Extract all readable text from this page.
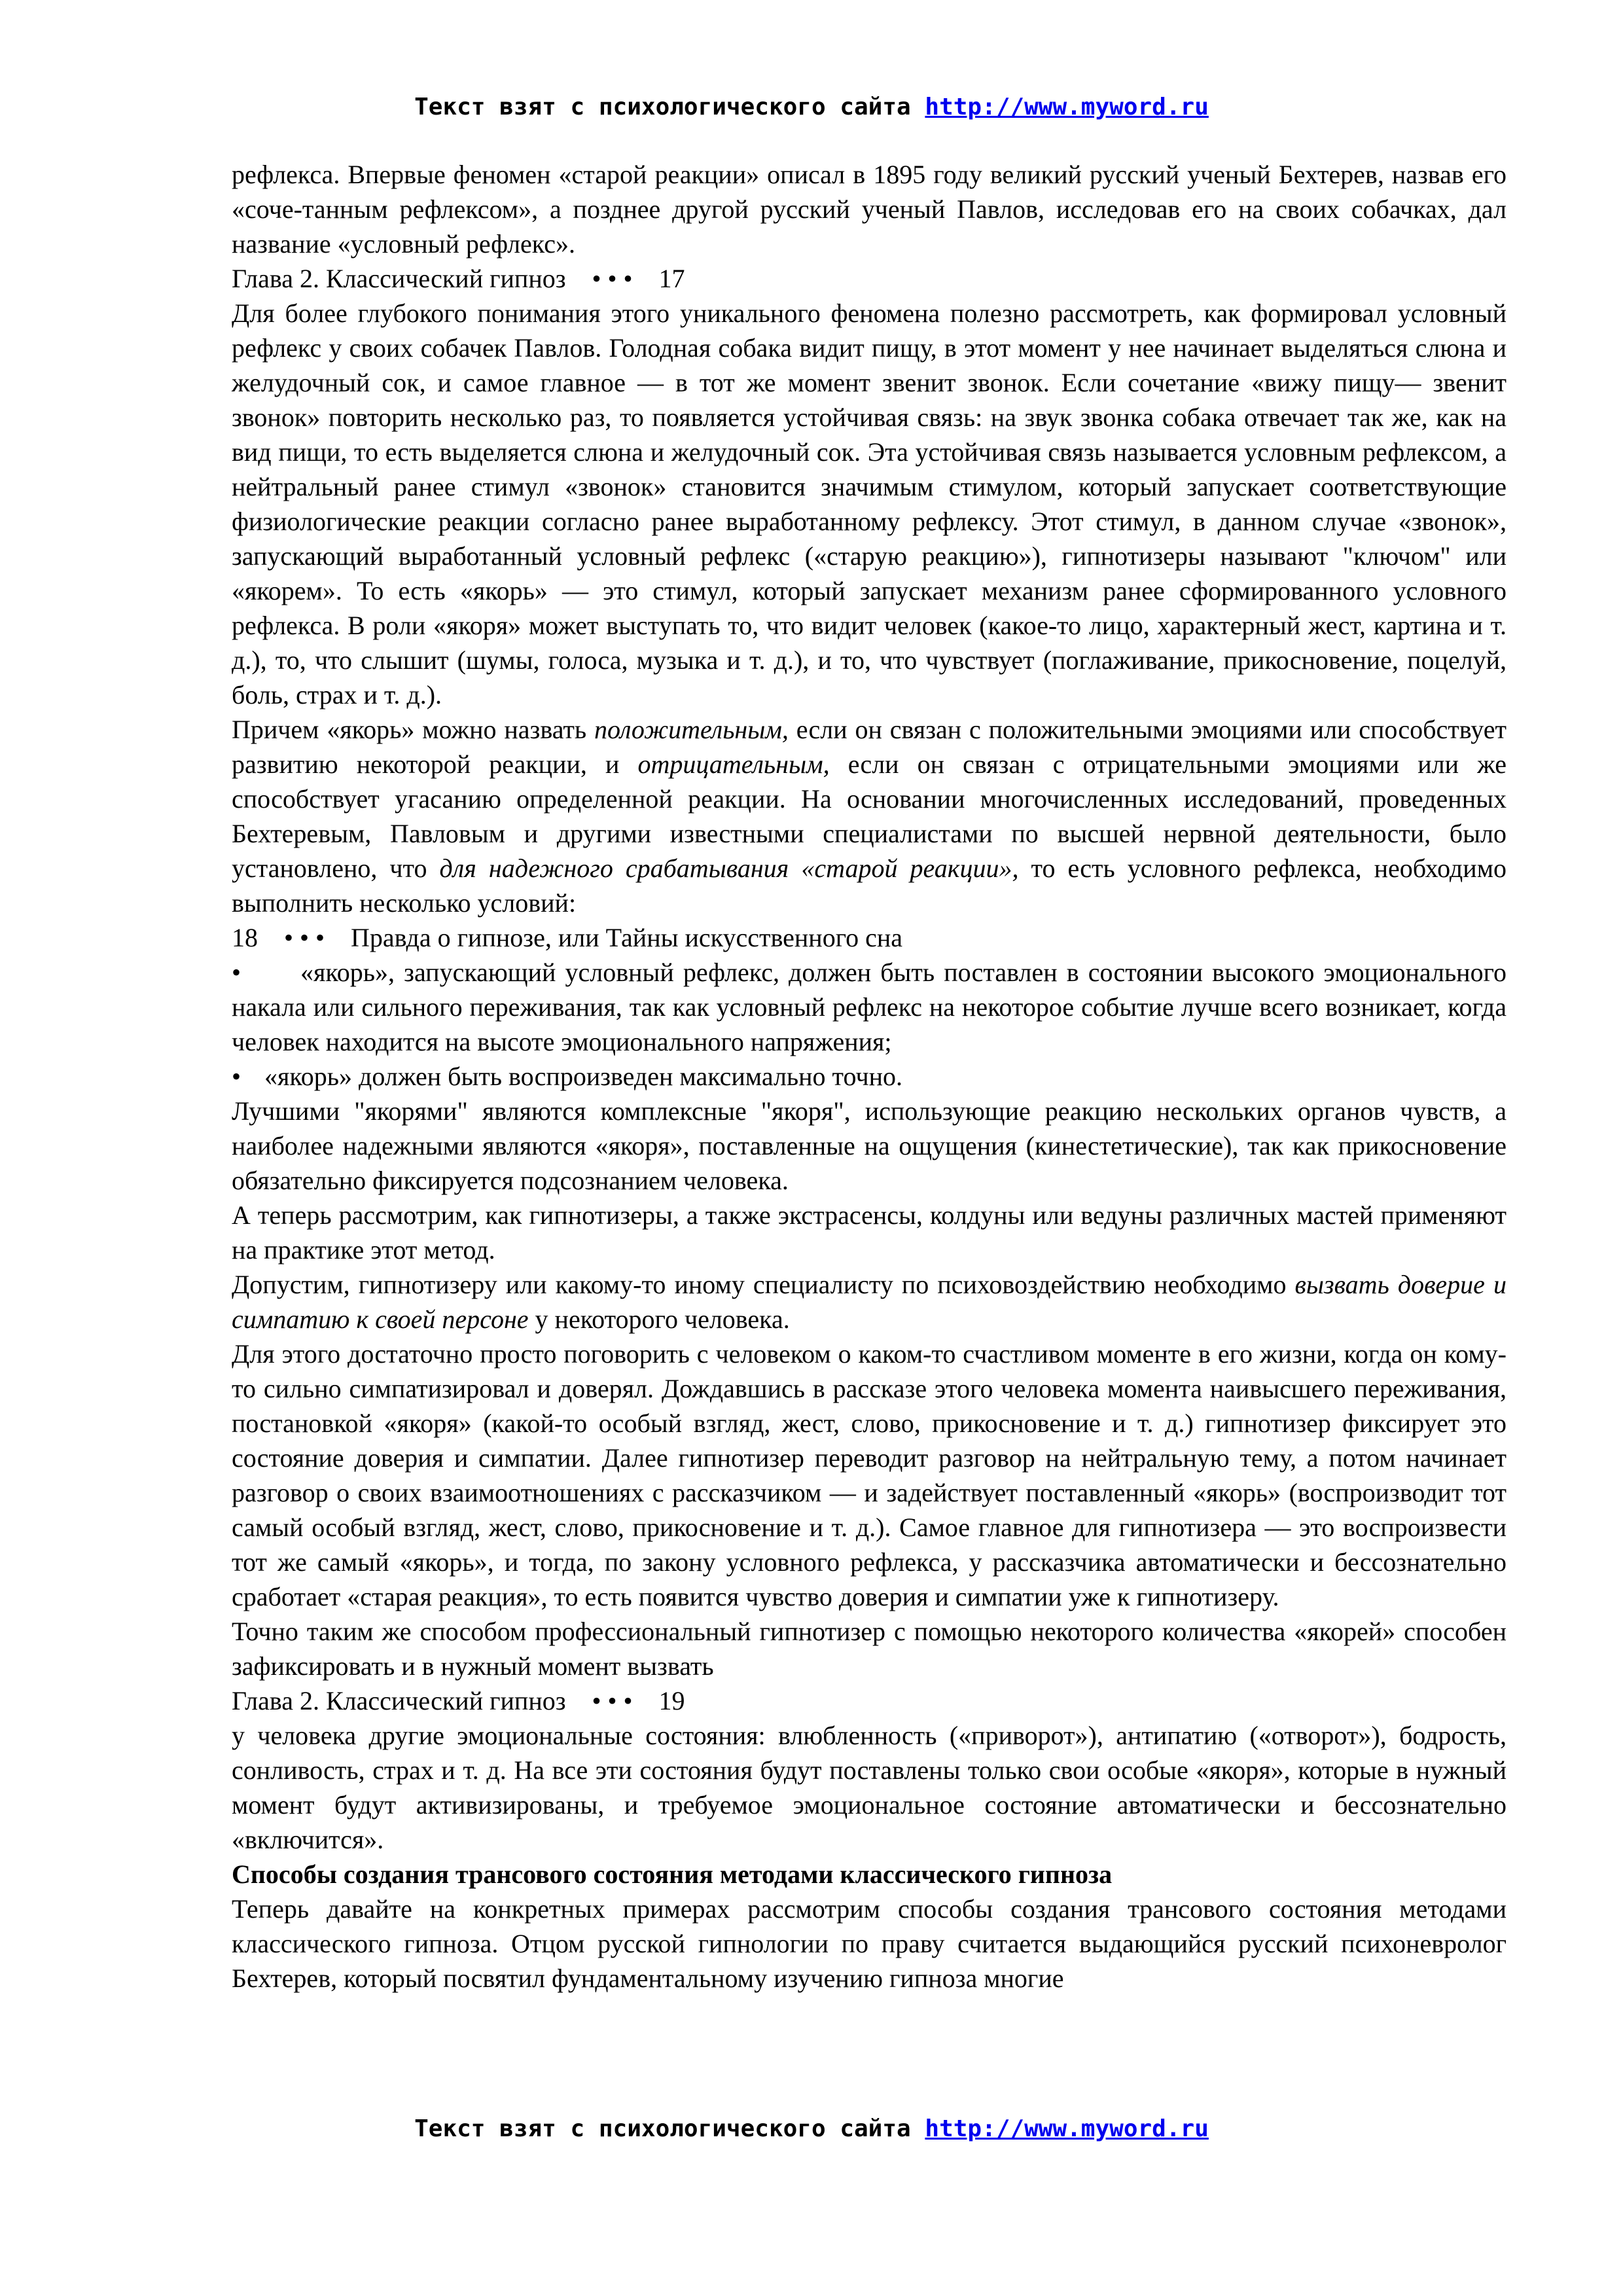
Текст взят с психологического сайта http://www.myword.ru

рефлекса. Впервые феномен «старой реакции» описал в 1895 году великий русский ученый Бехтерев, назвав его «соче-танным рефлексом», а позднее другой русский ученый Павлов, исследовав его на своих собачках, дал название «условный рефлекс».

Глава 2. Классический гипноз    • • •    17

Для более глубокого понимания этого уникального феномена полезно рассмотреть, как формировал условный рефлекс у своих собачек Павлов. Голодная собака видит пищу, в этот момент у нее начинает выделяться слюна и желудочный сок, и самое главное — в тот же момент звенит звонок. Если сочетание «вижу пищу— звенит звонок» повторить несколько раз, то появляется устойчивая связь: на звук звонка собака отвечает так же, как на вид пищи, то есть выделяется слюна и желудочный сок. Эта устойчивая связь называется условным рефлексом, а нейтральный ранее стимул «звонок» становится значимым стимулом, который запускает соответствующие физиологические реакции согласно ранее выработанному рефлексу. Этот стимул, в данном случае «звонок», запускающий выработанный условный рефлекс («старую реакцию»), гипнотизеры называют "ключом" или «якорем». То есть «якорь» — это стимул, который запускает механизм ранее сформированного условного рефлекса. В роли «якоря» может выступать то, что видит человек (какое-то лицо, характерный жест, картина и т. д.), то, что слышит (шумы, голоса, музыка и т. д.), и то, что чувствует (поглаживание, прикосновение, поцелуй, боль, страх и т. д.).

Причем «якорь» можно назвать положительным, если он связан с положительными эмоциями или способствует развитию некоторой реакции, и отрицательным, если он связан с отрицательными эмоциями или же способствует угасанию определенной реакции. На основании многочисленных исследований, проведенных Бехтеревым, Павловым и другими известными специалистами по высшей нервной деятельности, было установлено, что для надежного срабатывания «старой реакции», то есть условного рефлекса, необходимо выполнить несколько условий:

18    • • •    Правда о гипнозе, или Тайны искусственного сна

• «якорь», запускающий условный рефлекс, должен быть поставлен в состоянии высокого эмоционального накала или сильного переживания, так как условный рефлекс на некоторое событие лучше всего возникает, когда человек находится на высоте эмоционального напряжения;

• «якорь» должен быть воспроизведен максимально точно.

Лучшими "якорями" являются комплексные "якоря", использующие реакцию нескольких органов чувств, а наиболее надежными являются «якоря», поставленные на ощущения (кинестетические), так как прикосновение обязательно фиксируется подсознанием человека.

А теперь рассмотрим, как гипнотизеры, а также экстрасенсы, колдуны или ведуны различных мастей применяют на практике этот метод.

Допустим, гипнотизеру или какому-то иному специалисту по психовоздействию необходимо вызвать доверие и симпатию к своей персоне у некоторого человека.

Для этого достаточно просто поговорить с человеком о каком-то счастливом моменте в его жизни, когда он кому-то сильно симпатизировал и доверял. Дождавшись в рассказе этого человека момента наивысшего переживания, постановкой «якоря» (какой-то особый взгляд, жест, слово, прикосновение и т. д.) гипнотизер фиксирует это состояние доверия и симпатии. Далее гипнотизер переводит разговор на нейтральную тему, а потом начинает разговор о своих взаимоотношениях с рассказчиком — и задействует поставленный «якорь» (воспроизводит тот самый особый взгляд, жест, слово, прикосновение и т. д.). Самое главное для гипнотизера — это воспроизвести тот же самый «якорь», и тогда, по закону условного рефлекса, у рассказчика автоматически и бессознательно сработает «старая реакция», то есть появится чувство доверия и симпатии уже к гипнотизеру.

Точно таким же способом профессиональный гипнотизер с помощью некоторого количества «якорей» способен зафиксировать и в нужный момент вызвать

Глава 2. Классический гипноз    • • •    19

у человека другие эмоциональные состояния: влюбленность («приворот»), антипатию («отворот»), бодрость, сонливость, страх и т. д. На все эти состояния будут поставлены только свои особые «якоря», которые в нужный момент будут активизированы, и требуемое эмоциональное состояние автоматически и бессознательно «включится».

Способы создания трансового состояния методами классического гипноза

Теперь давайте на конкретных примерах рассмотрим способы создания трансового состояния методами классического гипноза. Отцом русской гипнологии по праву считается выдающийся русский психоневролог Бехтерев, который посвятил фундаментальному изучению гипноза многие

Текст взят с психологического сайта http://www.myword.ru
